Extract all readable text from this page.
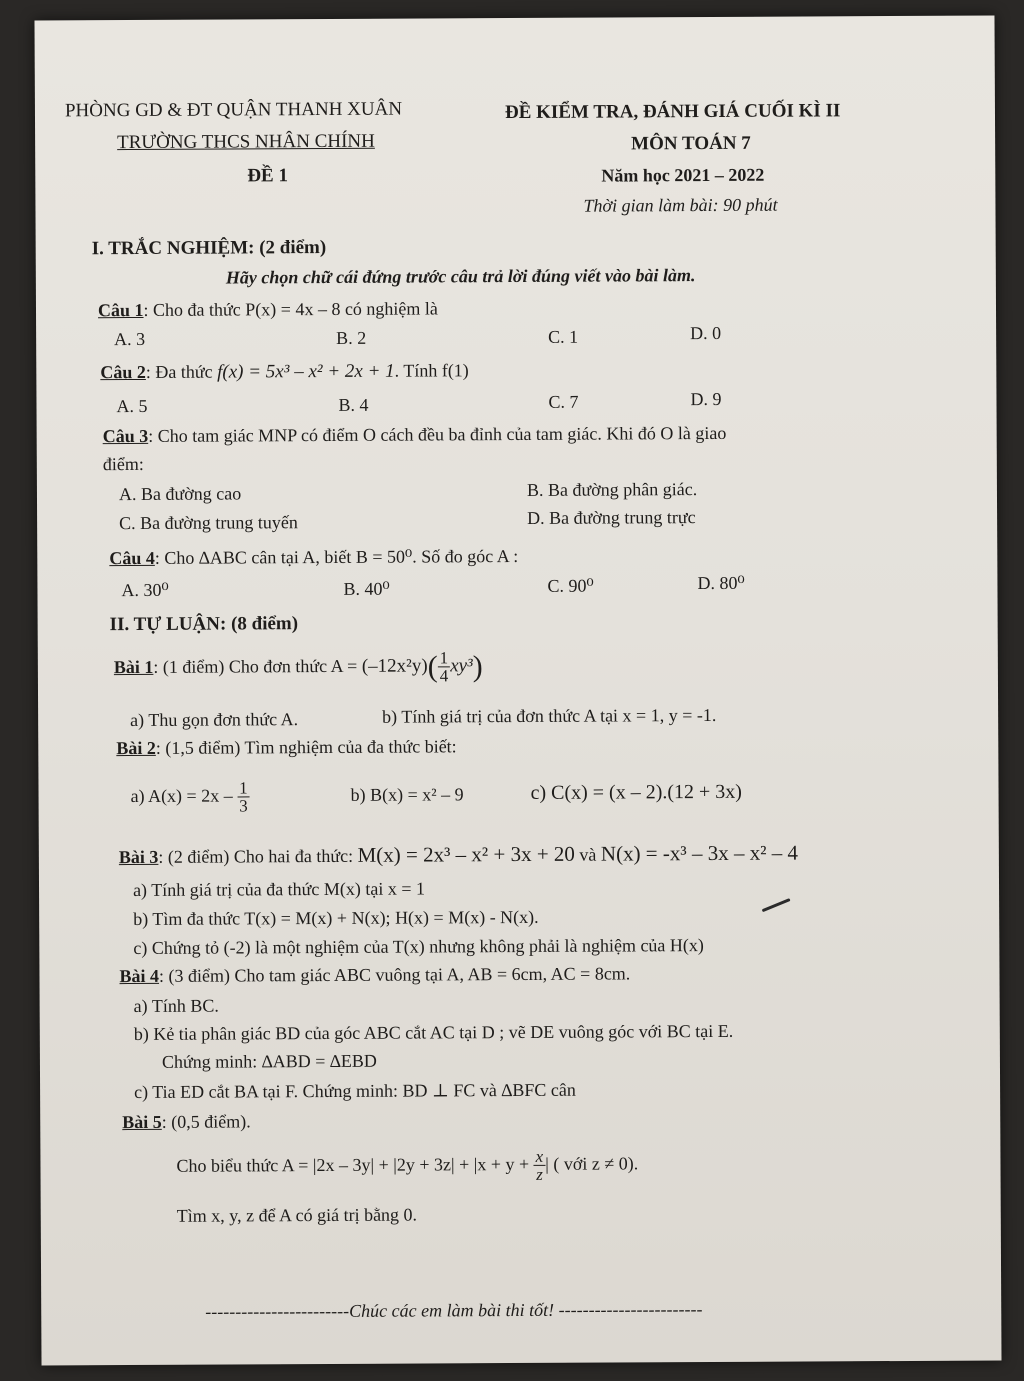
PHÒNG GD & ĐT QUẬN THANH XUÂN
TRƯỜNG THCS NHÂN CHÍNH
ĐỀ 1
ĐỀ KIỂM TRA, ĐÁNH GIÁ CUỐI KÌ II
MÔN TOÁN 7
Năm học 2021 – 2022
Thời gian làm bài: 90 phút
I. TRẮC NGHIỆM: (2 điểm)
Hãy chọn chữ cái đứng trước câu trả lời đúng viết vào bài làm.
Câu 1: Cho đa thức P(x) = 4x – 8 có nghiệm là
A. 3	B. 2	C. 1	D. 0
Câu 2: Đa thức f(x) = 5x³ – x² + 2x + 1. Tính f(1)
A. 5	B. 4	C. 7	D. 9
Câu 3: Cho tam giác MNP có điểm O cách đều ba đỉnh của tam giác. Khi đó O là giao
điểm:
A. Ba đường cao	B. Ba đường phân giác.
C. Ba đường trung tuyến	D. Ba đường trung trực
Câu 4: Cho ∆ABC cân tại A, biết B = 50⁰. Số đo góc A :
A. 30⁰	B. 40⁰	C. 90⁰	D. 80⁰
II. TỰ LUẬN: (8 điểm)
Bài 1: (1 điểm) Cho đơn thức $A = (-12x^2y)( \frac{1}{4} xy^3)$
a) Thu gọn đơn thức A.	b) Tính giá trị của đơn thức A tại x = 1, y = -1.
Bài 2: (1,5 điểm) Tìm nghiệm của đa thức biết:
a) $A(x) = 2x - \frac{1}{3}$	b) B(x) = x² – 9	c) C(x) = (x – 2).(12 + 3x)
Bài 3: (2 điểm) Cho hai đa thức: M(x) = 2x³ – x² + 3x + 20 và N(x) = -x³ – 3x – x² – 4
a) Tính giá trị của đa thức M(x) tại x = 1
b) Tìm đa thức T(x) = M(x) + N(x); H(x) = M(x) - N(x).
c) Chứng tỏ (-2) là một nghiệm của T(x) nhưng không phải là nghiệm của H(x)
Bài 4: (3 điểm) Cho tam giác ABC vuông tại A, AB = 6cm, AC = 8cm.
a) Tính BC.
b) Kẻ tia phân giác BD của góc ABC cắt AC tại D ; vẽ DE vuông góc với BC tại E.
Chứng minh: ∆ABD = ∆EBD
c) Tia ED cắt BA tại F. Chứng minh: BD ⊥ FC và ∆BFC cân
Bài 5: (0,5 điểm).
Cho biểu thức $A = |2x - 3y| + |2y + 3z| + |x + y + \frac{x}{z}$ | ( với z ≠ 0).
Tìm x, y, z để A có giá trị bằng 0.
------------------------Chúc các em làm bài thi tốt! ------------------------
